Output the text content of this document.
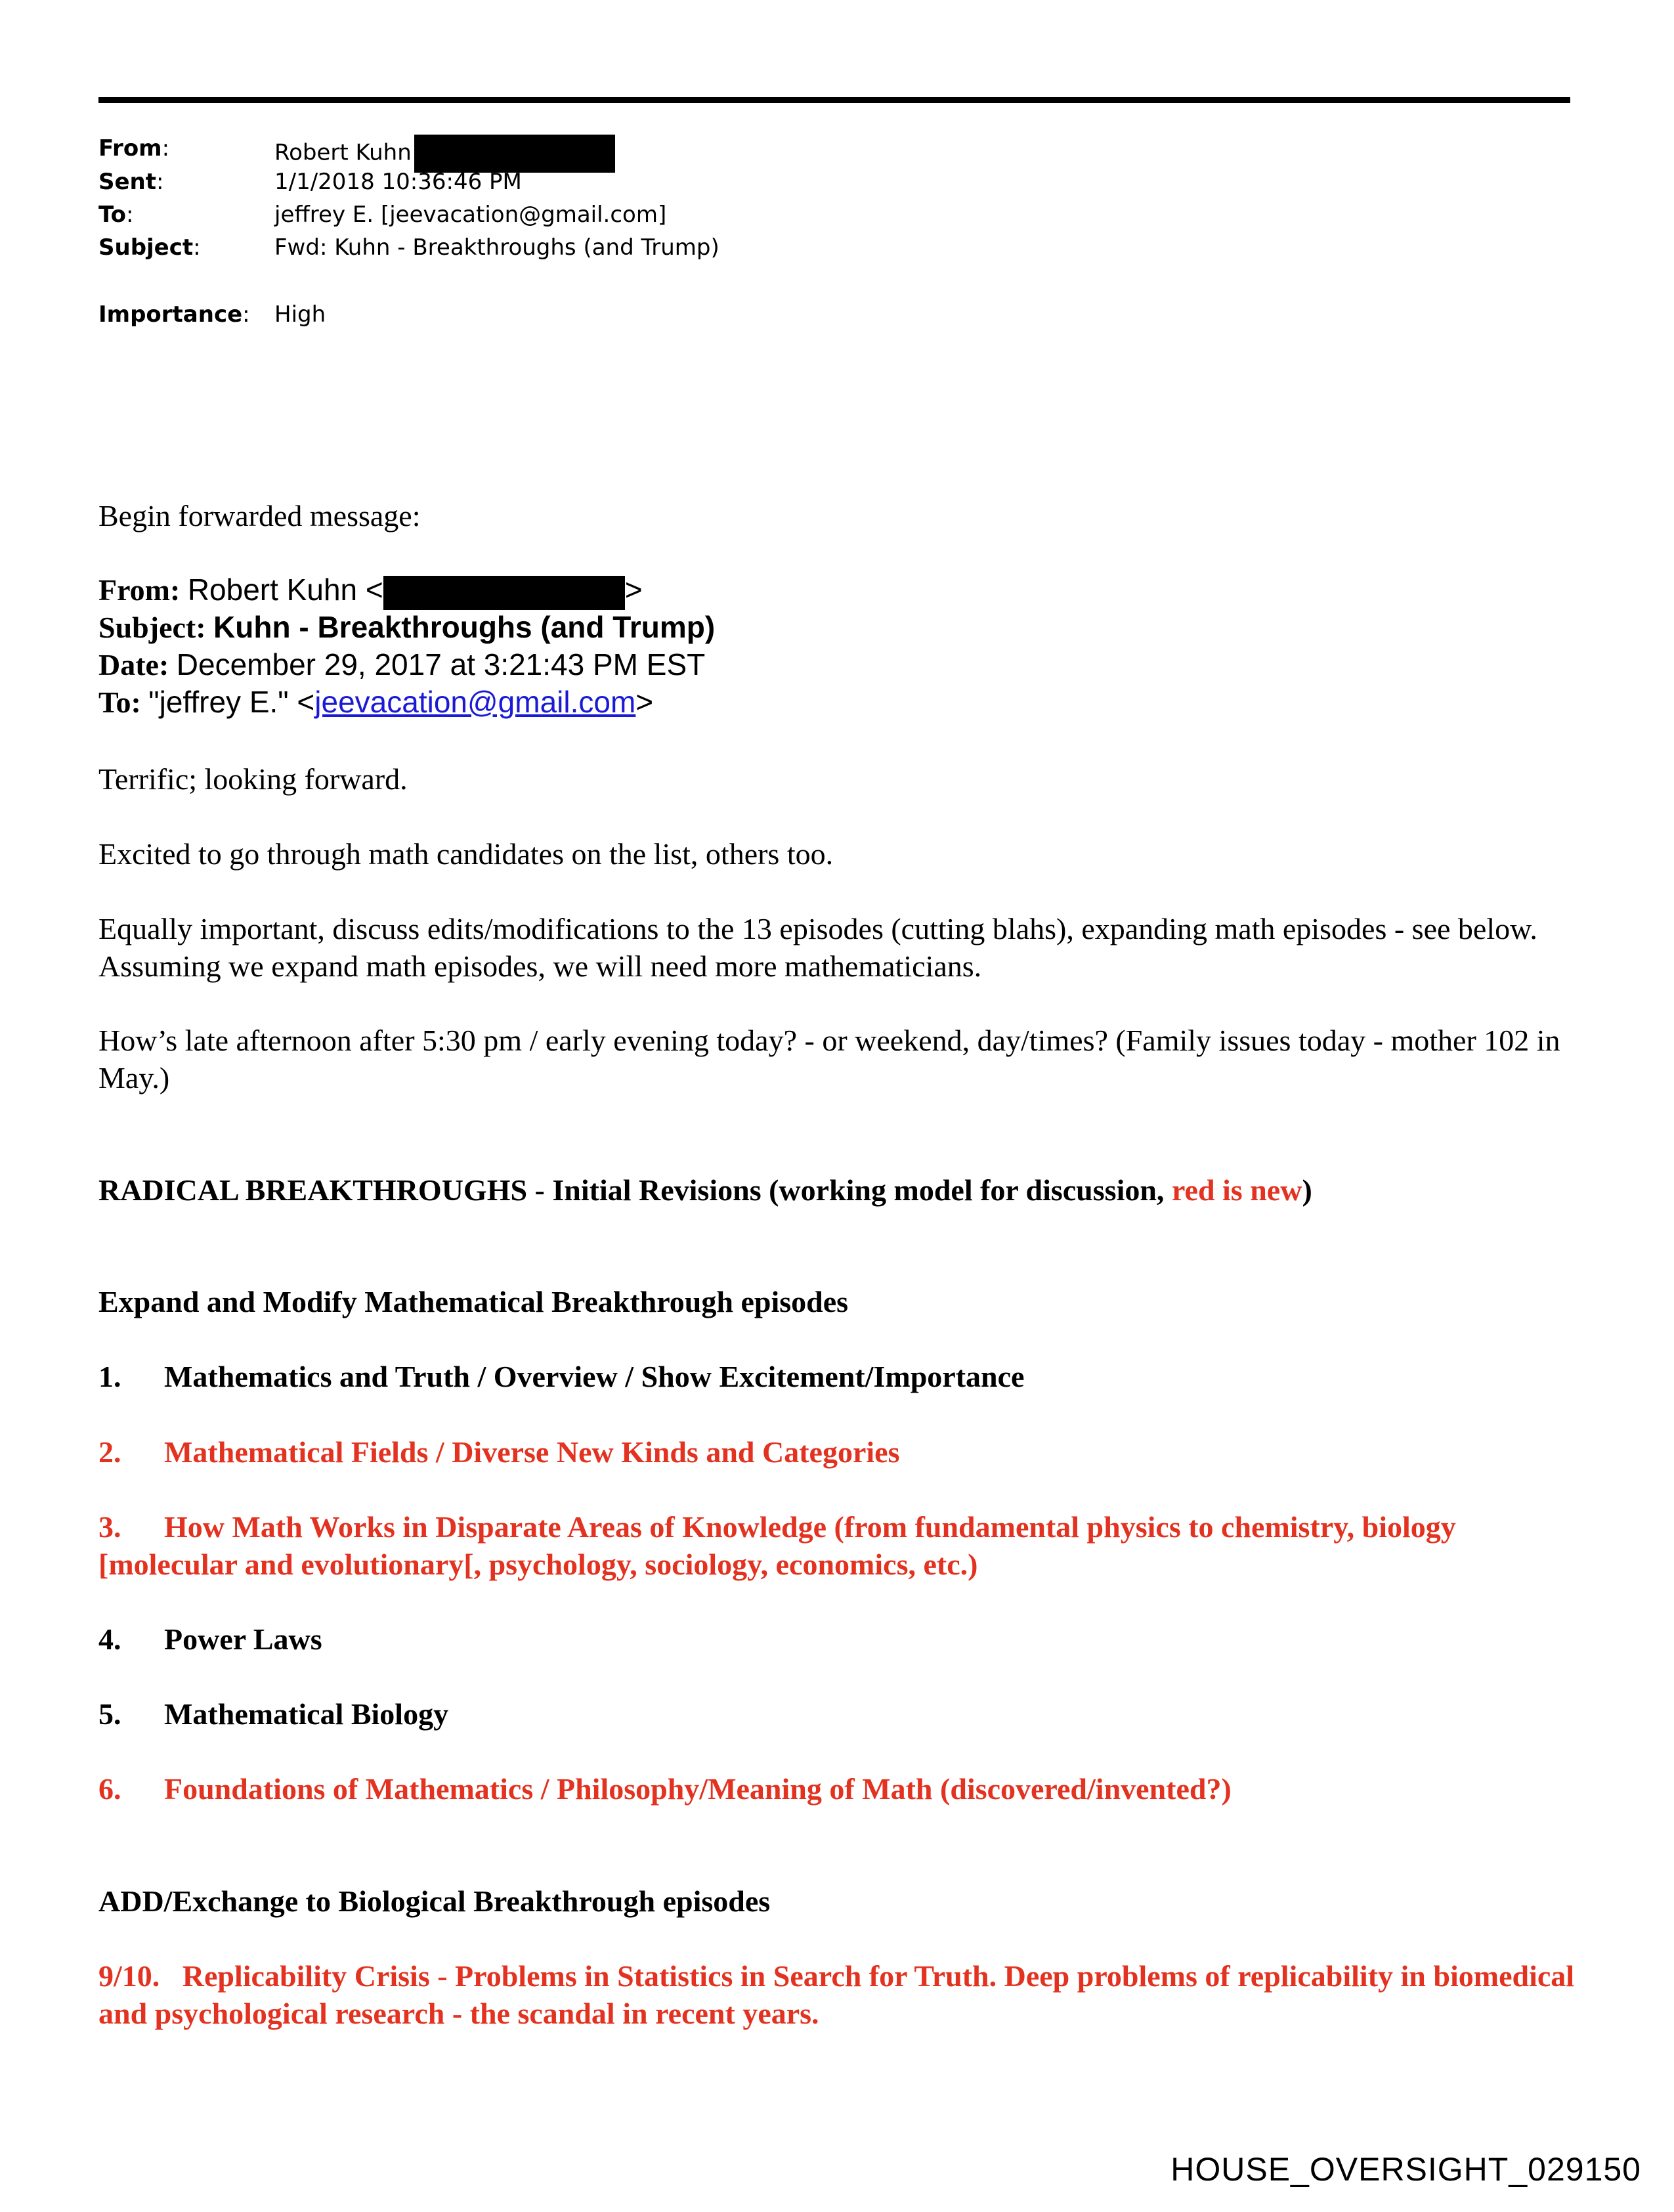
From:	Robert Kuhn
Sent:	1/1/2018 10:36:46 PM
To:	jeffrey E. [jeevacation@gmail.com]
Subject:	Fwd: Kuhn - Breakthroughs (and Trump)
Importance: High
Begin forwarded message:
From: Robert Kuhn <	>
Subject: Kuhn - Breakthroughs (and Trump)
Date: December 29, 2017 at 3:21:43 PM EST
To: "jeffrey E." <jeevacation@gmail.com>
Terrific; looking forward.
Excited to go through math candidates on the list, others too.
Equally important, discuss edits/modifications to the 13 episodes (cutting blahs), expanding math episodes - see below. Assuming we expand math episodes, we will need more mathematicians.
How’s late afternoon after 5:30 pm / early evening today? - or weekend, day/times? (Family issues today - mother 102 in May.)
RADICAL BREAKTHROUGHS - Initial Revisions (working model for discussion, red is new)
Expand and Modify Mathematical Breakthrough episodes
1. Mathematics and Truth / Overview / Show Excitement/Importance
2. Mathematical Fields / Diverse New Kinds and Categories
3. How Math Works in Disparate Areas of Knowledge (from fundamental physics to chemistry, biology [molecular and evolutionary[, psychology, sociology, economics, etc.)
4. Power Laws
5. Mathematical Biology
6. Foundations of Mathematics / Philosophy/Meaning of Math (discovered/invented?)
ADD/Exchange to Biological Breakthrough episodes
9/10. Replicability Crisis - Problems in Statistics in Search for Truth. Deep problems of replicability in biomedical and psychological research - the scandal in recent years.
HOUSE_OVERSIGHT_029150
